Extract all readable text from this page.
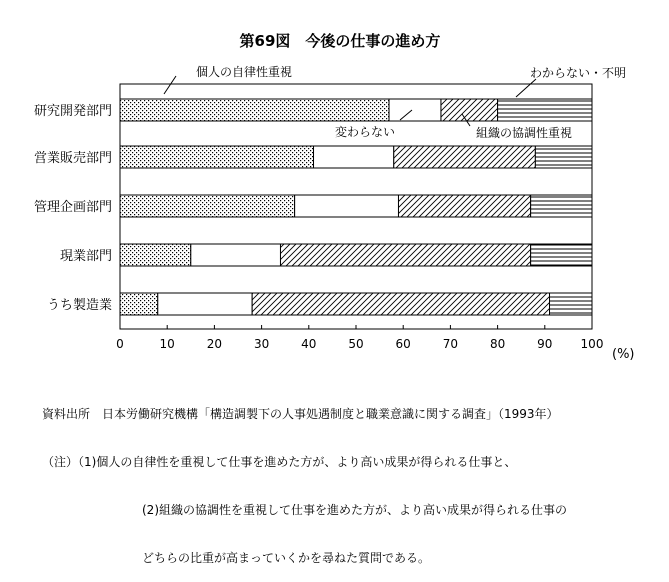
第69図　今後の仕事の進め方
0	10	20	30	40	50	60	70	80	90 100
(%)
個人の自律性重視	わからない・不明
変わらない	組織の協調性重視
研究開発部門
営業販売部門
管理企画部門
現業部門
うち製造業

資料出所　日本労働研究機構「構造調製下の人事処遇制度と職業意識に関する調査」（1993年）

（注）（1)個人の自律性を重視して仕事を進めた方が、より高い成果が得られる仕事と、

(2)組織の協調性を重視して仕事を進めた方が、より高い成果が得られる仕事の

どちらの比重が高まっていくかを尋ねた質問である。
